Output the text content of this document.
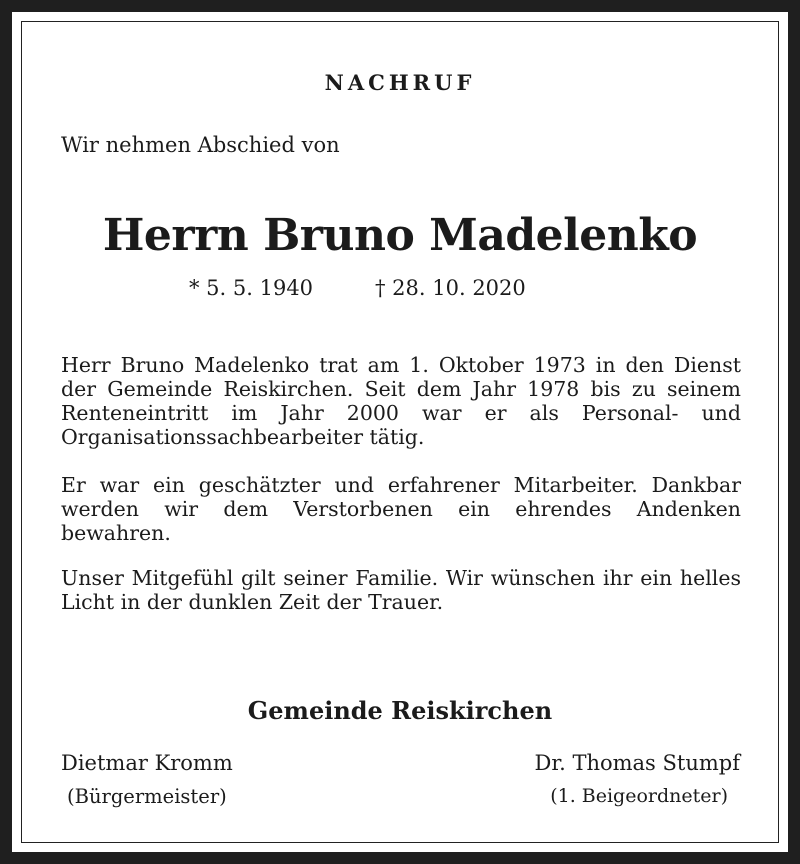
NACHRUF
Wir nehmen Abschied von
Herrn Bruno Madelenko
* 5. 5. 1940	† 28. 10. 2020

Herr Bruno Madelenko trat am 1. Oktober 1973 in den Dienst der Gemeinde Reiskirchen. Seit dem Jahr 1978 bis zu seinem Renteneintritt im Jahr 2000 war er als Personal- und Organisationssachbearbeiter tätig.

Er war ein geschätzter und erfahrener Mitarbeiter. Dankbar werden wir dem Verstorbenen ein ehrendes Andenken bewahren.

Unser Mitgefühl gilt seiner Familie. Wir wünschen ihr ein helles Licht in der dunklen Zeit der Trauer.

Gemeinde Reiskirchen
Dietmar Kromm
(Bürgermeister)
Dr. Thomas Stumpf
(1. Beigeordneter)
